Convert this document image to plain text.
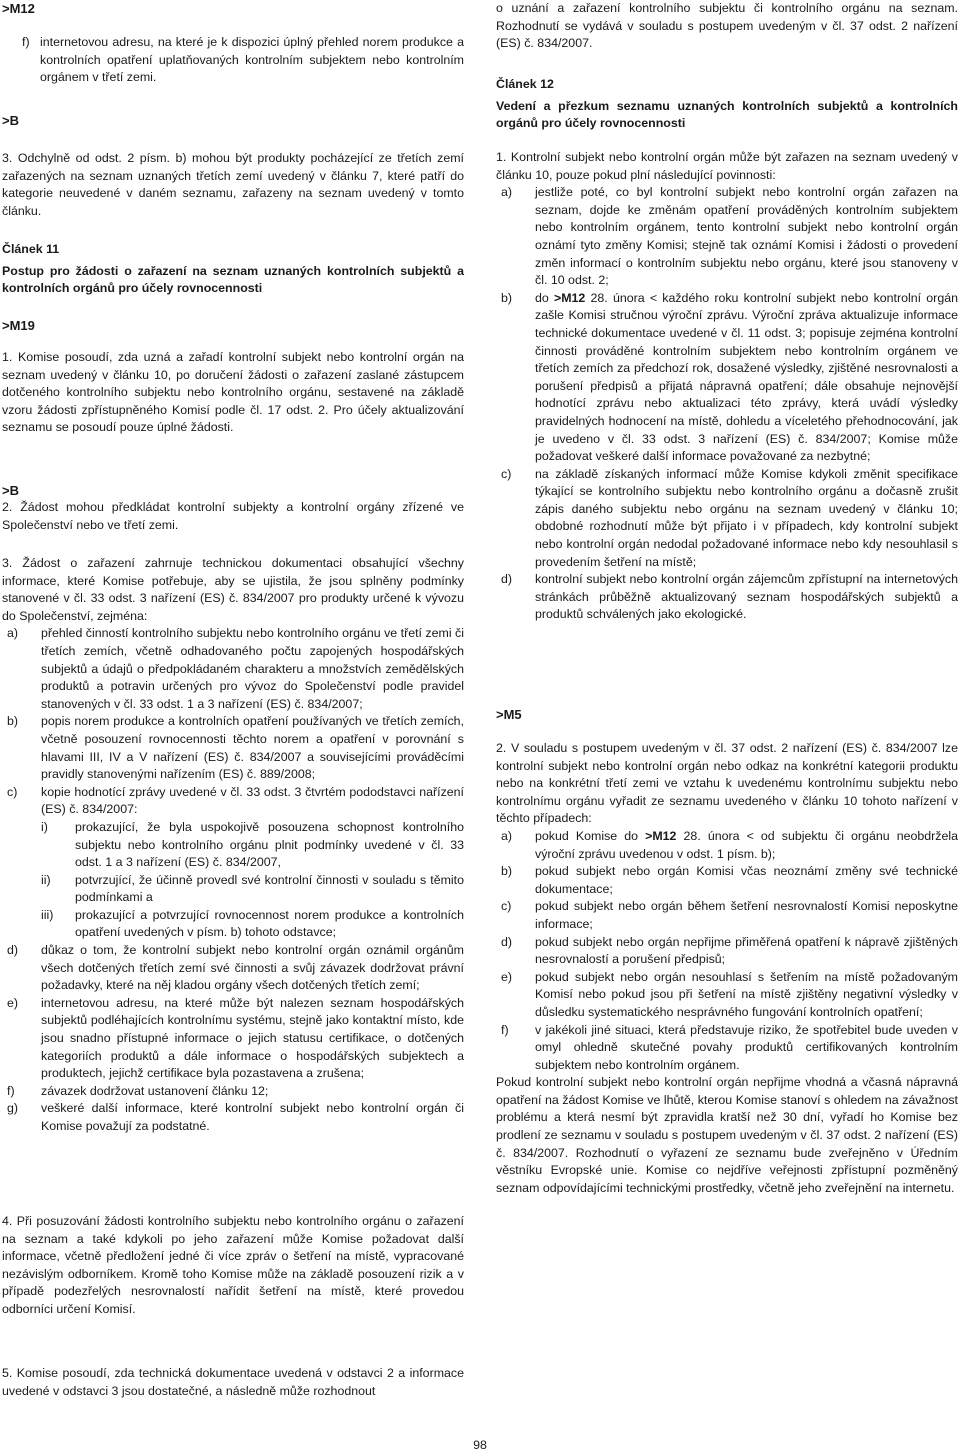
>M12
>B
>M19
>B
>M5
f) internetovou adresu, na které je k dispozici úplný přehled norem produkce a kontrolních opatření uplatňovaných kontrolním subjektem nebo kontrolním orgánem v třetí zemi.

3. Odchylně od odst. 2 písm. b) mohou být produkty pocházející ze třetích zemí zařazených na seznam uznaných třetích zemí uvedený v článku 7, které patří do kategorie neuvedené v daném seznamu, zařazeny na seznam uvedený v tomto článku.

Článek 11

Postup pro žádosti o zařazení na seznam uznaných kontrolních subjektů a kontrolních orgánů pro účely rovnocennosti

1. Komise posoudí, zda uzná a zařadí kontrolní subjekt nebo kontrolní orgán na seznam uvedený v článku 10, po doručení žádosti o zařazení zaslané zástupcem dotčeného kontrolního subjektu nebo kontrolního orgánu, sestavené na základě vzoru žádosti zpřístupněného Komisí podle čl. 17 odst. 2. Pro účely aktualizování seznamu se posoudí pouze úplné žádosti.

2. Žádost mohou předkládat kontrolní subjekty a kontrolní orgány zřízené ve Společenství nebo ve třetí zemi.

3. Žádost o zařazení zahrnuje technickou dokumentaci obsahující všechny informace, které Komise potřebuje, aby se ujistila, že jsou splněny podmínky stanovené v čl. 33 odst. 3 nařízení (ES) č. 834/2007 pro produkty určené k vývozu do Společenství, zejména:

a) přehled činností kontrolního subjektu nebo kontrolního orgánu ve třetí zemi či třetích zemích, včetně odhadovaného počtu zapojených hospodářských subjektů a údajů o předpokládaném charakteru a množstvích zemědělských produktů a potravin určených pro vývoz do Společenství podle pravidel stanovených v čl. 33 odst. 1 a 3 nařízení (ES) č. 834/2007;
b) popis norem produkce a kontrolních opatření používaných ve třetích zemích, včetně posouzení rovnocennosti těchto norem a opatření v porovnání s hlavami III, IV a V nařízení (ES) č. 834/2007 a souvisejícími prováděcími pravidly stanovenými nařízením (ES) č. 889/2008;
c) kopie hodnotící zprávy uvedené v čl. 33 odst. 3 čtvrtém pododstavci nařízení (ES) č. 834/2007:
i) prokazující, že byla uspokojivě posouzena schopnost kontrolního subjektu nebo kontrolního orgánu plnit podmínky uvedené v čl. 33 odst. 1 a 3 nařízení (ES) č. 834/2007,
ii) potvrzující, že účinně provedl své kontrolní činnosti v souladu s těmito podmínkami a
iii) prokazující a potvrzující rovnocennost norem produkce a kontrolních opatření uvedených v písm. b) tohoto odstavce;
d) důkaz o tom, že kontrolní subjekt nebo kontrolní orgán oznámil orgánům všech dotčených třetích zemí své činnosti a svůj závazek dodržovat právní požadavky, které na něj kladou orgány všech dotčených třetích zemí;
e) internetovou adresu, na které může být nalezen seznam hospodářských subjektů podléhajících kontrolnímu systému, stejně jako kontaktní místo, kde jsou snadno přístupné informace o jejich statusu certifikace, o dotčených kategoriích produktů a dále informace o hospodářských subjektech a produktech, jejichž certifikace byla pozastavena a zrušena;
f) závazek dodržovat ustanovení článku 12;
g) veškeré další informace, které kontrolní subjekt nebo kontrolní orgán či Komise považují za podstatné.

4. Při posuzování žádosti kontrolního subjektu nebo kontrolního orgánu o zařazení na seznam a také kdykoli po jeho zařazení může Komise požadovat další informace, včetně předložení jedné či více zpráv o šetření na místě, vypracované nezávislým odborníkem. Kromě toho Komise může na základě posouzení rizik a v případě podezřelých nesrovnalostí nařídit šetření na místě, které provedou odborníci určení Komisí.

5. Komise posoudí, zda technická dokumentace uvedená v odstavci 2 a informace uvedené v odstavci 3 jsou dostatečné, a následně může rozhodnout

o uznání a zařazení kontrolního subjektu či kontrolního orgánu na seznam. Rozhodnutí se vydává v souladu s postupem uvedeným v čl. 37 odst. 2 nařízení (ES) č. 834/2007.

Článek 12

Vedení a přezkum seznamu uznaných kontrolních subjektů a kontrolních orgánů pro účely rovnocennosti

1. Kontrolní subjekt nebo kontrolní orgán může být zařazen na seznam uvedený v článku 10, pouze pokud plní následující povinnosti:

a) jestliže poté, co byl kontrolní subjekt nebo kontrolní orgán zařazen na seznam, dojde ke změnám opatření prováděných kontrolním subjektem nebo kontrolním orgánem, tento kontrolní subjekt nebo kontrolní orgán oznámí tyto změny Komisi; stejně tak oznámí Komisi i žádosti o provedení změn informací o kontrolním subjektu nebo orgánu, které jsou stanoveny v čl. 10 odst. 2;
b) do >M12 28. února < každého roku kontrolní subjekt nebo kontrolní orgán zašle Komisi stručnou výroční zprávu. Výroční zpráva aktualizuje informace technické dokumentace uvedené v čl. 11 odst. 3; popisuje zejména kontrolní činnosti prováděné kontrolním subjektem nebo kontrolním orgánem ve třetích zemích za předchozí rok, dosažené výsledky, zjištěné nesrovnalosti a porušení předpisů a přijatá nápravná opatření; dále obsahuje nejnovější hodnotící zprávu nebo aktualizaci této zprávy, která uvádí výsledky pravidelných hodnocení na místě, dohledu a víceletého přehodnocování, jak je uvedeno v čl. 33 odst. 3 nařízení (ES) č. 834/2007; Komise může požadovat veškeré další informace považované za nezbytné;
c) na základě získaných informací může Komise kdykoli změnit specifikace týkající se kontrolního subjektu nebo kontrolního orgánu a dočasně zrušit zápis daného subjektu nebo orgánu na seznam uvedený v článku 10; obdobné rozhodnutí může být přijato i v případech, kdy kontrolní subjekt nebo kontrolní orgán nedodal požadované informace nebo kdy nesouhlasil s provedením šetření na místě;
d) kontrolní subjekt nebo kontrolní orgán zájemcům zpřístupní na internetových stránkách průběžně aktualizovaný seznam hospodářských subjektů a produktů schválených jako ekologické.

2. V souladu s postupem uvedeným v čl. 37 odst. 2 nařízení (ES) č. 834/2007 lze kontrolní subjekt nebo kontrolní orgán nebo odkaz na konkrétní kategorii produktu nebo na konkrétní třetí zemi ve vztahu k uvedenému kontrolnímu subjektu nebo kontrolnímu orgánu vyřadit ze seznamu uvedeného v článku 10 tohoto nařízení v těchto případech:

a) pokud Komise do >M12 28. února < od subjektu či orgánu neobdržela výroční zprávu uvedenou v odst. 1 písm. b);
b) pokud subjekt nebo orgán Komisi včas neoznámí změny své technické dokumentace;
c) pokud subjekt nebo orgán během šetření nesrovnalostí Komisi neposkytne informace;
d) pokud subjekt nebo orgán nepřijme přiměřená opatření k nápravě zjištěných nesrovnalostí a porušení předpisů;
e) pokud subjekt nebo orgán nesouhlasí s šetřením na místě požadovaným Komisí nebo pokud jsou při šetření na místě zjištěny negativní výsledky v důsledku systematického nesprávného fungování kontrolních opatření;
f) v jakékoli jiné situaci, která představuje riziko, že spotřebitel bude uveden v omyl ohledně skutečné povahy produktů certifikovaných kontrolním subjektem nebo kontrolním orgánem.

Pokud kontrolní subjekt nebo kontrolní orgán nepřijme vhodná a včasná nápravná opatření na žádost Komise ve lhůtě, kterou Komise stanoví s ohledem na závažnost problému a která nesmí být zpravidla kratší než 30 dní, vyřadí ho Komise bez prodlení ze seznamu v souladu s postupem uvedeným v čl. 37 odst. 2 nařízení (ES) č. 834/2007. Rozhodnutí o vyřazení ze seznamu bude zveřejněno v Úředním věstníku Evropské unie. Komise co nejdříve veřejnosti zpřístupní pozměněný seznam odpovídajícími technickými prostředky, včetně jeho zveřejnění na internetu.

98
